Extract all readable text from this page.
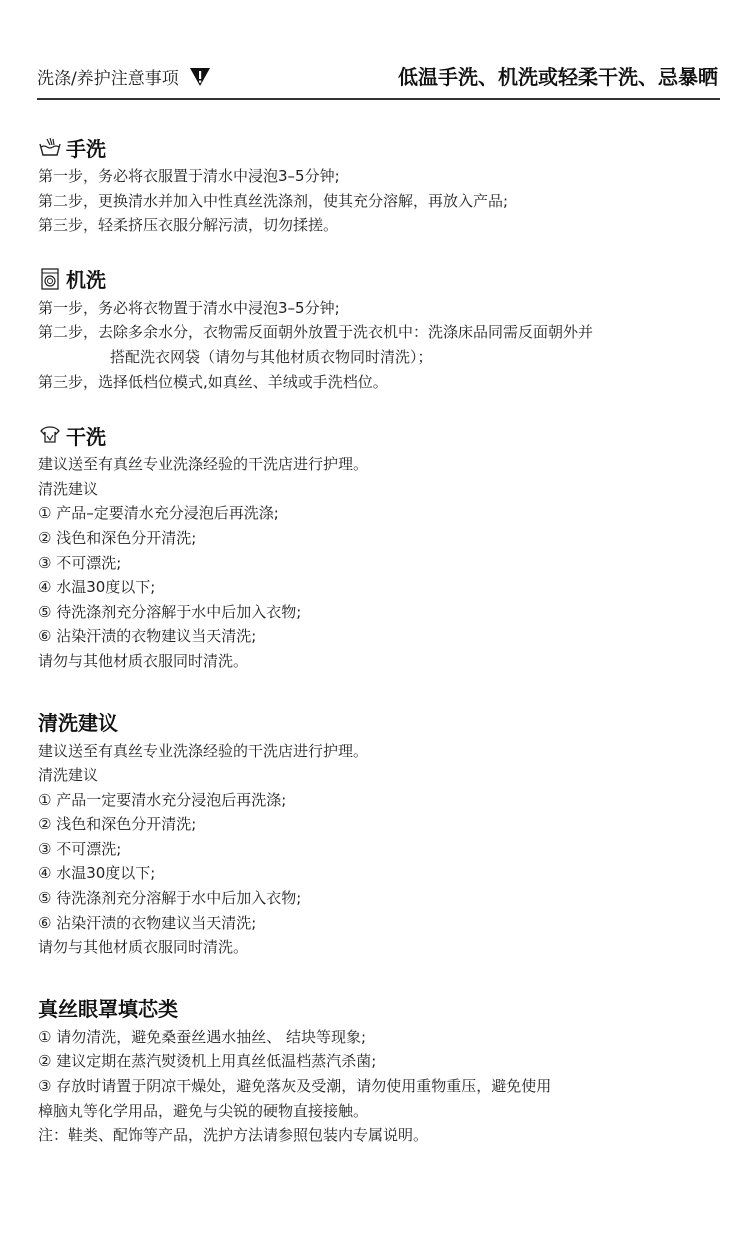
洗涤/养护注意事项	低温手洗、机洗或轻柔干洗、忌暴晒
手洗
第一步，务必将衣服置于清水中浸泡3–5分钟;
第二步，更换清水并加入中性真丝洗涤剂，使其充分溶解，再放入产品;
第三步，轻柔挤压衣服分解污渍，切勿揉搓。
机洗
第一步，务必将衣物置于清水中浸泡3–5分钟;
第二步，去除多余水分，衣物需反面朝外放置于洗衣机中：洗涤床品同需反面朝外并
搭配洗衣网袋（请勿与其他材质衣物同时清洗）；
第三步，选择低档位模式,如真丝、羊绒或手洗档位。
干洗
建议送至有真丝专业洗涤经验的干洗店进行护理。
清洗建议
① 产品–定要清水充分浸泡后再洗涤;
② 浅色和深色分开清洗;
③ 不可漂洗;
④ 水温30度以下;
⑤ 待洗涤剂充分溶解于水中后加入衣物;
⑥ 沾染汗渍的衣物建议当天清洗;
请勿与其他材质衣服同时清洗。
清洗建议
建议送至有真丝专业洗涤经验的干洗店进行护理。
清洗建议
① 产品一定要清水充分浸泡后再洗涤;
② 浅色和深色分开清洗;
③ 不可漂洗;
④ 水温30度以下;
⑤ 待洗涤剂充分溶解于水中后加入衣物;
⑥ 沾染汗渍的衣物建议当天清洗;
请勿与其他材质衣服同时清洗。
真丝眼罩填芯类
① 请勿清洗，避免桑蚕丝遇水抽丝、 结块等现象;
② 建议定期在蒸汽熨烫机上用真丝低温档蒸汽杀菌;
③ 存放时请置于阴凉干燥处，避免落灰及受潮，请勿使用重物重压，避免使用
樟脑丸等化学用品，避免与尖锐的硬物直接接触。
注：鞋类、配饰等产品，洗护方法请参照包装内专属说明。
